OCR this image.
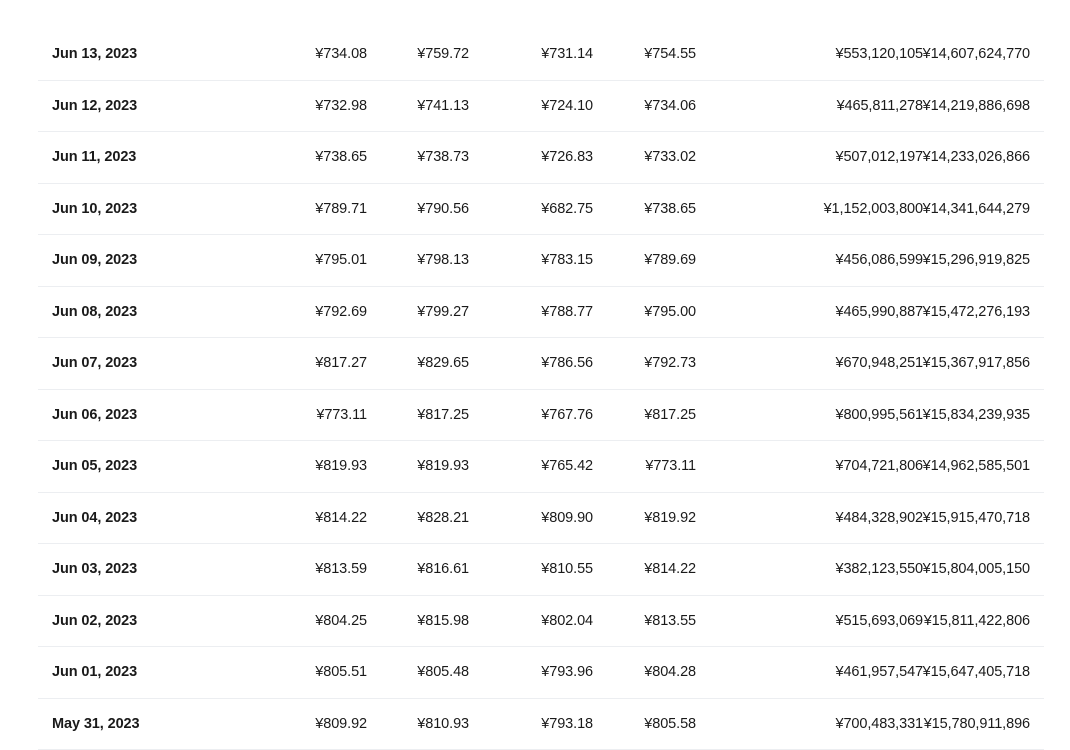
Jun 13, 2023	¥734.08	¥759.72	¥731.14	¥754.55	¥553,120,105 ¥14,607,624,770
Jun 12, 2023	¥732.98	¥741.13	¥724.10	¥734.06	¥465,811,278 ¥14,219,886,698
Jun 11, 2023	¥738.65	¥738.73	¥726.83	¥733.02	¥507,012,197 ¥14,233,026,866
Jun 10, 2023	¥789.71	¥790.56	¥682.75	¥738.65	¥1,152,003,800 ¥14,341,644,279
Jun 09, 2023	¥795.01	¥798.13	¥783.15	¥789.69	¥456,086,599 ¥15,296,919,825
Jun 08, 2023	¥792.69	¥799.27	¥788.77	¥795.00	¥465,990,887 ¥15,472,276,193
Jun 07, 2023	¥817.27	¥829.65	¥786.56	¥792.73	¥670,948,251 ¥15,367,917,856
Jun 06, 2023	¥773.11	¥817.25	¥767.76	¥817.25	¥800,995,561 ¥15,834,239,935
Jun 05, 2023	¥819.93	¥819.93	¥765.42	¥773.11	¥704,721,806 ¥14,962,585,501
Jun 04, 2023	¥814.22	¥828.21	¥809.90	¥819.92	¥484,328,902 ¥15,915,470,718
Jun 03, 2023	¥813.59	¥816.61	¥810.55	¥814.22	¥382,123,550 ¥15,804,005,150
Jun 02, 2023	¥804.25	¥815.98	¥802.04	¥813.55	¥515,693,069 ¥15,811,422,806
Jun 01, 2023	¥805.51	¥805.48	¥793.96	¥804.28	¥461,957,547 ¥15,647,405,718
May 31, 2023	¥809.92	¥810.93	¥793.18	¥805.58	¥700,483,331 ¥15,780,911,896
